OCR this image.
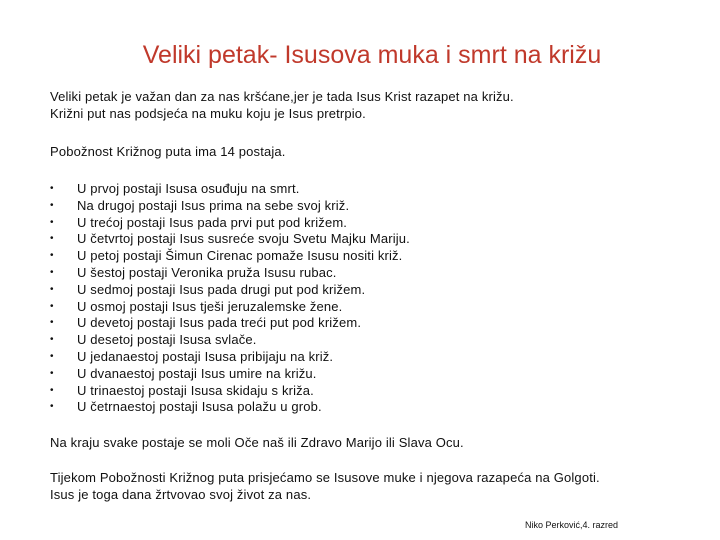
Veliki petak- Isusova muka i smrt na križu

Veliki petak je važan dan za nas kršćane,jer je tada Isus Krist razapet na križu.

Križni put nas podsjeća na muku koju je Isus pretrpio.

Pobožnost Križnog puta ima 14 postaja.

• U prvoj postaji Isusa osuđuju na smrt.
• Na drugoj postaji Isus prima na sebe svoj križ.
• U trećoj postaji Isus pada prvi put pod križem.
• U četvrtoj postaji Isus susreće svoju Svetu Majku Mariju.
• U petoj postaji Šimun Cirenac pomaže Isusu nositi križ.
• U šestoj postaji Veronika pruža Isusu rubac.
• U sedmoj postaji Isus pada drugi put pod križem.
• U osmoj postaji Isus tješi jeruzalemske žene.
• U devetoj postaji Isus pada treći put pod križem.
• U desetoj postaji Isusa svlače.
• U jedanaestoj postaji Isusa pribijaju na križ.
• U dvanaestoj postaji Isus umire na križu.
• U trinaestoj postaji Isusa skidaju s križa.
• U četrnaestoj postaji Isusa polažu u grob.

Na kraju svake postaje se moli Oče naš ili Zdravo Marijo ili Slava Ocu.

Tijekom Pobožnosti Križnog puta prisjećamo se Isusove muke i njegova razapeća na Golgoti.

Isus je toga dana žrtvovao svoj život za nas.

Niko Perković,4. razred
